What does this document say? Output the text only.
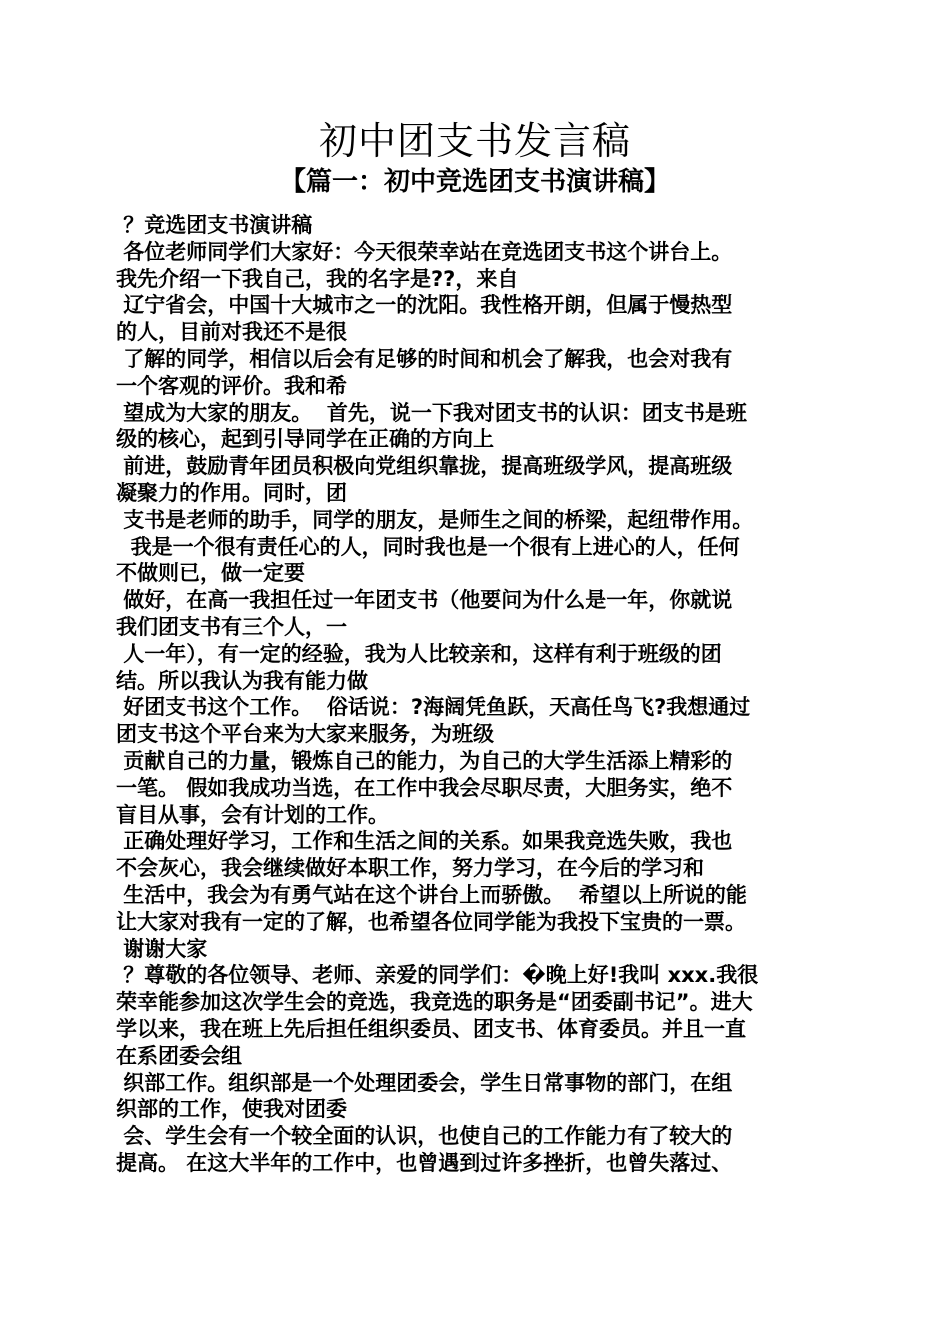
初中团支书发言稿
【篇一：初中竞选团支书演讲稿】
？竞选团支书演讲稿
各位老师同学们大家好：今天很荣幸站在竞选团支书这个讲台上。
我先介绍一下我自己，我的名字是??，来自
辽宁省会，中国十大城市之一的沈阳。我性格开朗，但属于慢热型
的人，目前对我还不是很
了解的同学，相信以后会有足够的时间和机会了解我，也会对我有
一个客观的评价。我和希
望成为大家的朋友。  首先，说一下我对团支书的认识：团支书是班
级的核心，起到引导同学在正确的方向上
前进，鼓励青年团员积极向党组织靠拢，提高班级学风，提高班级
凝聚力的作用。同时，团
支书是老师的助手，同学的朋友，是师生之间的桥梁，起纽带作用。
我是一个很有责任心的人，同时我也是一个很有上进心的人，任何
不做则已，做一定要
做好，在高一我担任过一年团支书（他要问为什么是一年，你就说
我们团支书有三个人，一
人一年），有一定的经验，我为人比较亲和，这样有利于班级的团
结。所以我认为我有能力做
好团支书这个工作。  俗话说：?海阔凭鱼跃，天高任鸟飞?我想通过
团支书这个平台来为大家来服务，为班级
贡献自己的力量，锻炼自己的能力，为自己的大学生活添上精彩的
一笔。 假如我成功当选，在工作中我会尽职尽责，大胆务实，绝不
盲目从事，会有计划的工作。
正确处理好学习，工作和生活之间的关系。如果我竞选失败，我也
不会灰心，我会继续做好本职工作，努力学习，在今后的学习和
生活中，我会为有勇气站在这个讲台上而骄傲。  希望以上所说的能
让大家对我有一定的了解，也希望各位同学能为我投下宝贵的一票。
谢谢大家
？尊敬的各位领导、老师、亲爱的同学们：�晚上好!我叫 xxx.我很
荣幸能参加这次学生会的竞选，我竞选的职务是“团委副书记”。进大
学以来，我在班上先后担任组织委员、团支书、体育委员。并且一直
在系团委会组
织部工作。组织部是一个处理团委会，学生日常事物的部门，在组
织部的工作，使我对团委
会、学生会有一个较全面的认识，也使自己的工作能力有了较大的
提高。 在这大半年的工作中，也曾遇到过许多挫折，也曾失落过、
